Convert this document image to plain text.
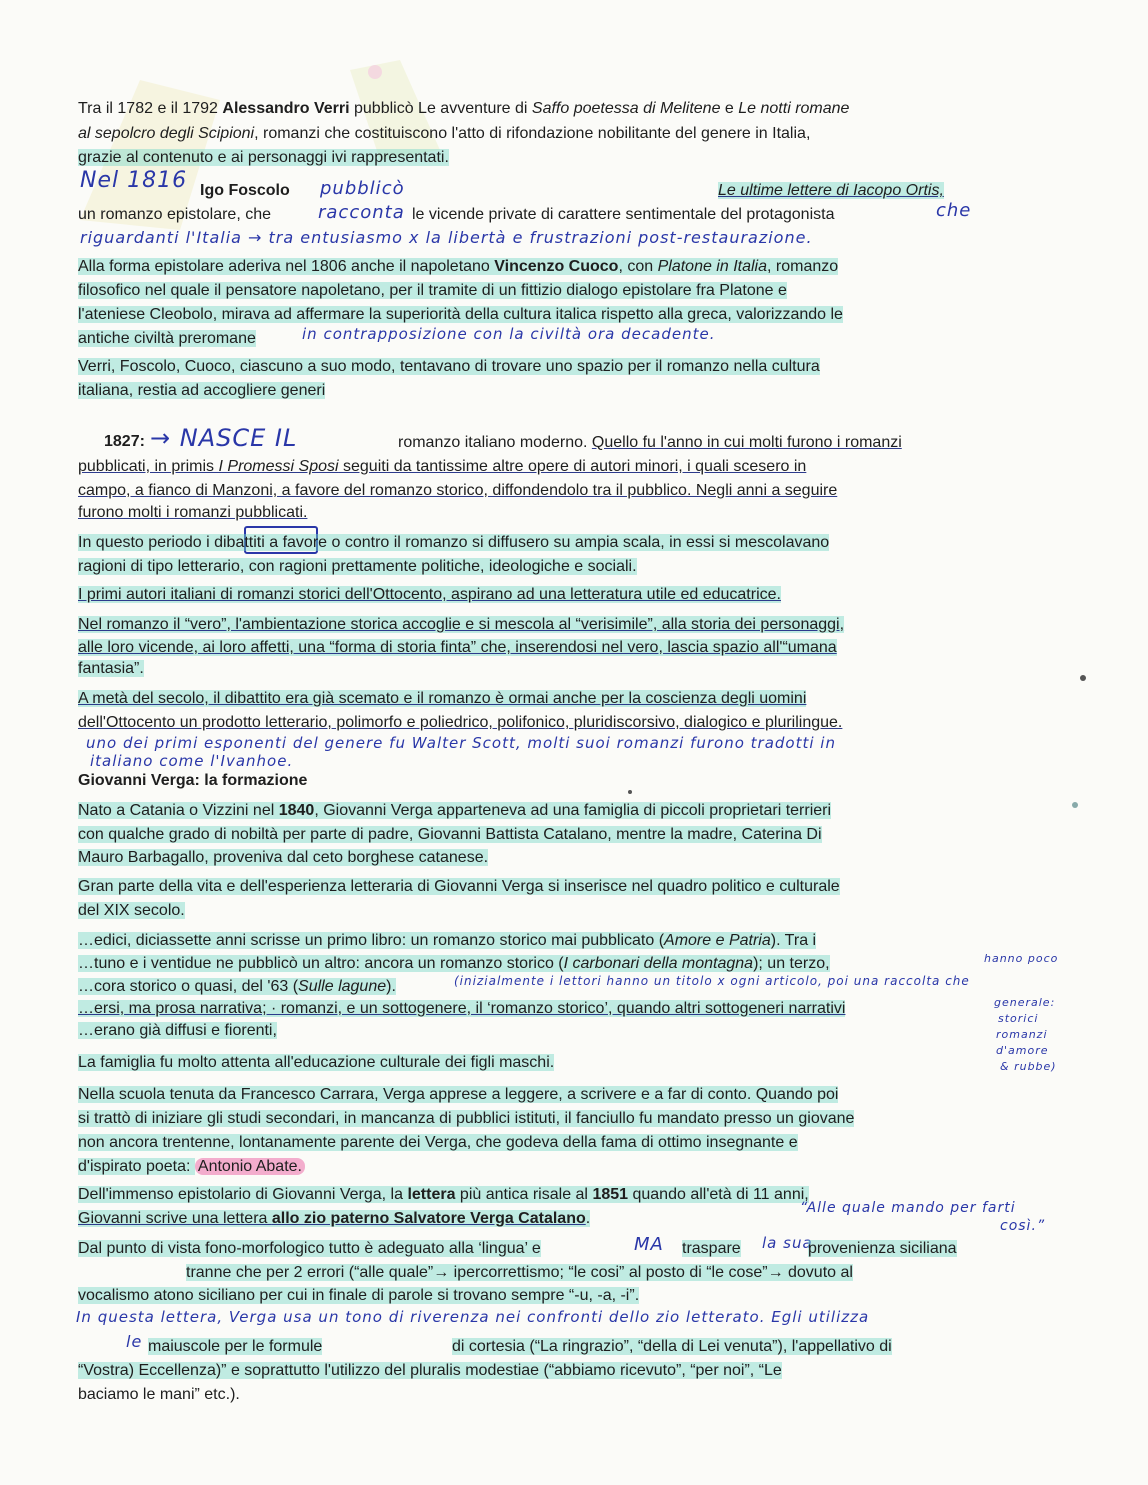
Tra il 1782 e il 1792 Alessandro Verri pubblicò Le avventure di Saffo poetessa di Melitene e Le notti romane
al sepolcro degli Scipioni, romanzi che costituiscono l'atto di rifondazione nobilitante del genere in Italia,
grazie al contenuto e ai personaggi ivi rappresentati.
Nel 1816 Igo Foscolo	pubblicò	Le ultime lettere di Iacopo Ortis,
un romanzo epistolare, che	racconta le vicende private di carattere sentimentale del protagonista	che
riguardanti l'Italia → tra entusiasmo x la libertà e frustrazioni post-restaurazione.
Alla forma epistolare aderiva nel 1806 anche il napoletano Vincenzo Cuoco, con Platone in Italia, romanzo
filosofico nel quale il pensatore napoletano, per il tramite di un fittizio dialogo epistolare fra Platone e
l'ateniese Cleobolo, mirava ad affermare la superiorità della cultura italica rispetto alla greca, valorizzando le
antiche civiltà preromane	in contrapposizione con la civiltà ora decadente.
Verri, Foscolo, Cuoco, ciascuno a suo modo, tentavano di trovare uno spazio per il romanzo nella cultura
italiana, restia ad accogliere generi
1827: → NASCE IL	romanzo italiano moderno. Quello fu l'anno in cui molti furono i romanzi
pubblicati, in primis I Promessi Sposi seguiti da tantissime altre opere di autori minori, i quali scesero in
campo, a fianco di Manzoni, a favore del romanzo storico, diffondendolo tra il pubblico. Negli anni a seguire
furono molti i romanzi pubblicati.
In questo periodo i dibattiti a favore o contro il romanzo si diffusero su ampia scala, in essi si mescolavano
ragioni di tipo letterario, con ragioni prettamente politiche, ideologiche e sociali.
I primi autori italiani di romanzi storici dell'Ottocento, aspirano ad una letteratura utile ed educatrice.
Nel romanzo il “vero”, l'ambientazione storica accoglie e si mescola al “verisimile”, alla storia dei personaggi,
alle loro vicende, ai loro affetti, una “forma di storia finta” che, inserendosi nel vero, lascia spazio all'“umana
fantasia”.
A metà del secolo, il dibattito era già scemato e il romanzo è ormai anche per la coscienza degli uomini
dell'Ottocento un prodotto letterario, polimorfo e poliedrico, polifonico, pluridiscorsivo, dialogico e plurilingue.
uno dei primi esponenti del genere fu Walter Scott, molti suoi romanzi furono tradotti in
italiano come l'Ivanhoe.
Giovanni Verga: la formazione
Nato a Catania o Vizzini nel 1840, Giovanni Verga apparteneva ad una famiglia di piccoli proprietari terrieri
con qualche grado di nobiltà per parte di padre, Giovanni Battista Catalano, mentre la madre, Caterina Di
Mauro Barbagallo, proveniva dal ceto borghese catanese.
Gran parte della vita e dell'esperienza letteraria di Giovanni Verga si inserisce nel quadro politico e culturale
del XIX secolo.
…edici, diciassette anni scrisse un primo libro: un romanzo storico mai pubblicato (Amore e Patria). Tra i
…tuno e i ventidue ne pubblicò un altro: ancora un romanzo storico (I carbonari della montagna); un terzo,
…cora storico o quasi, del '63 (Sulle lagune).	(inizialmente i lettori hanno un titolo x ogni articolo, poi una raccolta che
…ersi, ma prosa narrativa; · romanzi, e un sottogenere, il ‘romanzo storico’, quando altri sottogeneri narrativi
…erano già diffusi e fiorenti,
hanno poco
generale:
storici
romanzi
d'amore
& rubbe)
La famiglia fu molto attenta all'educazione culturale dei figli maschi.
Nella scuola tenuta da Francesco Carrara, Verga apprese a leggere, a scrivere e a far di conto. Quando poi
si trattò di iniziare gli studi secondari, in mancanza di pubblici istituti, il fanciullo fu mandato presso un giovane
non ancora trentenne, lontanamente parente dei Verga, che godeva della fama di ottimo insegnante e
d'ispirato poeta: Antonio Abate.
Dell'immenso epistolario di Giovanni Verga, la lettera più antica risale al 1851 quando all'età di 11 anni,
Giovanni scrive una lettera allo zio paterno Salvatore Verga Catalano.
“Alle quale mando per farti
così.”
Dal punto di vista fono-morfologico tutto è adeguato alla ‘lingua’ e	MA traspare	la sua
provenienza siciliana
tranne che per 2 errori (“alle quale”→ ipercorrettismo; “le cosi” al posto di “le cose”→ dovuto al
vocalismo atono siciliano per cui in finale di parole si trovano sempre “-u, -a, -i”.
In questa lettera, Verga usa un tono di riverenza nei confronti dello zio letterato. Egli utilizza
le maiuscole per le formule	di cortesia (“La ringrazio”, “della di Lei venuta”), l'appellativo di
“Vostra) Eccellenza)” e soprattutto l'utilizzo del pluralis modestiae (“abbiamo ricevuto”, “per noi”, “Le
baciamo le mani” etc.).
